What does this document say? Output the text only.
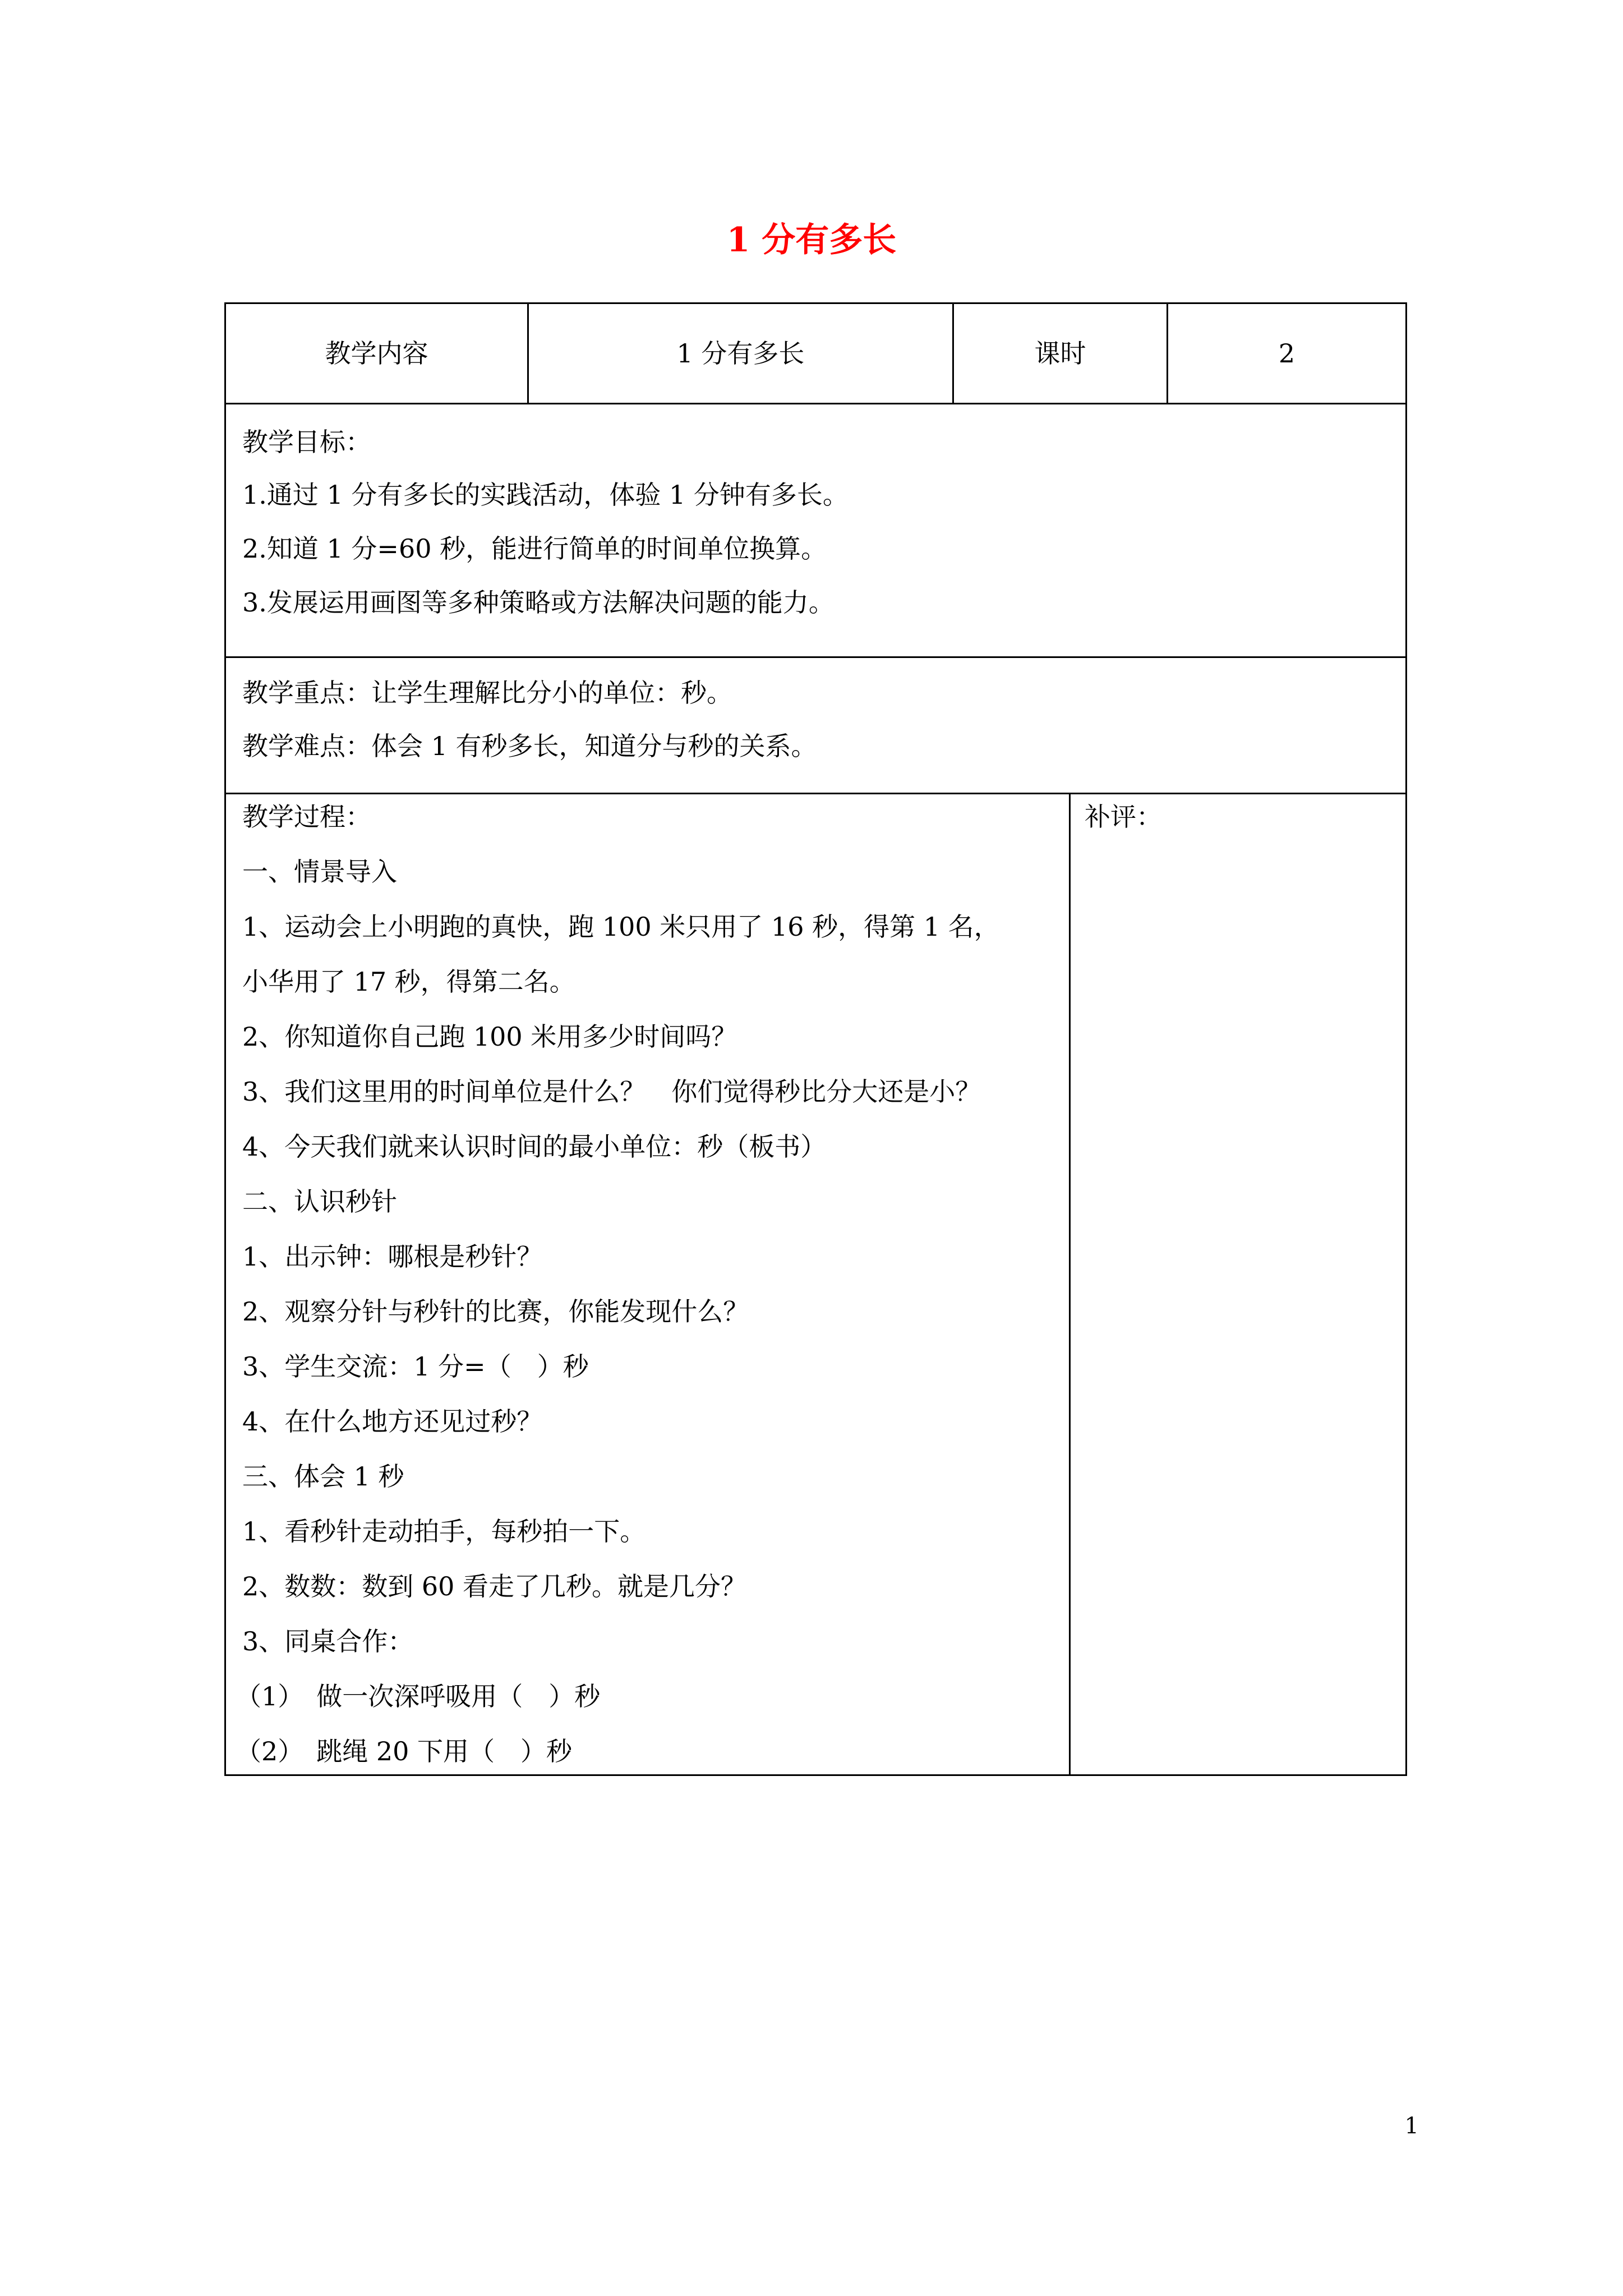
1 分有多长
教学内容	1 分有多长	课时	2
教学目标：
1.通过 1 分有多长的实践活动，体验 1 分钟有多长。
2.知道 1 分=60 秒，能进行简单的时间单位换算。
3.发展运用画图等多种策略或方法解决问题的能力。
教学重点：让学生理解比分小的单位：秒。
教学难点：体会 1 有秒多长，知道分与秒的关系。
教学过程：
一、情景导入
1、运动会上小明跑的真快，跑 100 米只用了 16 秒，得第 1 名，
小华用了 17 秒，得第二名。
2、你知道你自己跑 100 米用多少时间吗？
3、我们这里用的时间单位是什么？　你们觉得秒比分大还是小？
4、今天我们就来认识时间的最小单位：秒（板书）
二、认识秒针
1、出示钟：哪根是秒针？
2、观察分针与秒针的比赛，你能发现什么？
3、学生交流：1 分=（　）秒
4、在什么地方还见过秒？
三、体会 1 秒
1、看秒针走动拍手，每秒拍一下。
2、数数：数到 60 看走了几秒。就是几分？
3、同桌合作：
（1）　做一次深呼吸用（　）秒
（2）　跳绳 20 下用（　）秒
补评：
1
